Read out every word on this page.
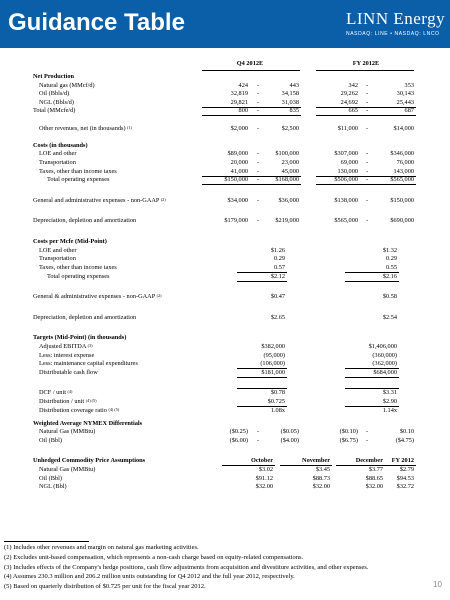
Guidance Table	LINN Energy
NASDAQ: LINE • NASDAQ: LNCO
Q4 2012E	FY 2012E
Net Production
Natural gas (MMcf/d)	424	-	443	342	-	353
Oil (Bbls/d)	32,819	-	34,158	29,262	-	30,143
NGL (Bbls/d)	29,821	-	31,038	24,692	-	25,443
Total (MMcfe/d)	800	-	835	665	-	687
Other revenues, net (in thousands) $^{(1)}$	$2,000	-	$2,500	$11,000	-	$14,000
Costs (in thousands)
LOE and other	$89,000	-	$100,000	$307,000	-	$346,000
Transportation	20,000	-	23,000	69,000	-	76,000
Taxes, other than income taxes	41,000	-	45,000	130,000	-	143,000
Total operating expenses	$150,000	-	$168,000	$506,000	-	$565,000
General and administrative expenses - non-GAAP $^{(2)}$	$34,000	-	$36,000	$138,000	-	$150,000
Depreciation, depletion and amortization	$179,000	-	$219,000	$565,000	-	$690,000
Costs per Mcfe (Mid-Point)
LOE and other	$1.26	$1.32
Transportation	0.29	0.29
Taxes, other than income taxes	0.57	0.55
Total operating expenses	$2.12	$2.16
General & administrative expenses - non-GAAP $^{(2)}$	$0.47	$0.58
Depreciation, depletion and amortization	$2.65	$2.54
Targets (Mid-Point) (in thousands)
Adjusted EBITDA $^{(3)}$	$382,000	$1,406,000
Less: interest expense	(95,000)	(360,000)
Less: maintenance capital expenditures	(106,000)	(362,000)
Distributable cash flow	$181,000	$684,000
DCF / unit $^{(4)}$	$0.78	$3.31
Distribution / unit $^{(4) (5)}$	$0.725	$2.90
Distribution coverage ratio $^{(4) (5)}$	1.08x	1.14x
Weighted Average NYMEX Differentials
Natural Gas (MMBtu)	($0.25)	-	($0.05)	($0.10)	-	$0.10
Oil (Bbl)	($6.00)	-	($4.00)	($6.75)	-	($4.75)
Unhedged Commodity Price Assumptions	October	November	December	FY 2012
Natural Gas (MMBtu)	$3.02	$3.45	$3.77	$2.79
Oil (Bbl)	$91.12	$88.73	$88.65	$94.53
NGL (Bbl)	$32.00	$32.00	$32.00	$32.72
(1) Includes other revenues and margin on natural gas marketing activities.
(2) Excludes unit-based compensation, which represents a non-cash charge based on equity-related compensations.
(3) Includes effects of the Company's hedge positions, cash flow adjustments from acquisition and divestiture activities, and other expenses.
(4) Assumes 230.3 million and 206.2 million units outstanding for Q4 2012 and the full year 2012, respectively.
(5) Based on quarterly distribution of $0.725 per unit for the fiscal year 2012.	10
